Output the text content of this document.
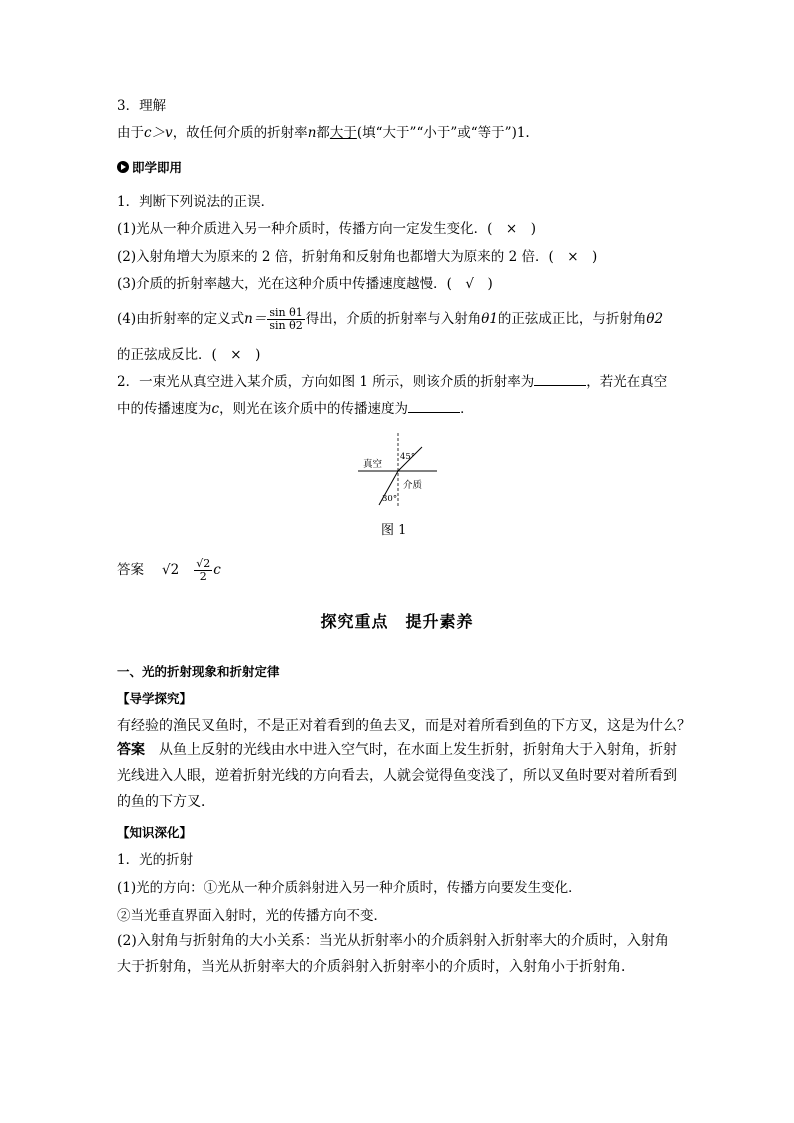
3．理解
由于c＞v，故任何介质的折射率n都大于(填“大于”“小于”或“等于”)1.
即学即用
1．判断下列说法的正误．
(1)光从一种介质进入另一种介质时，传播方向一定发生变化．(　×　)
(2)入射角增大为原来的 2 倍，折射角和反射角也都增大为原来的 2 倍．(　×　)
(3)介质的折射率越大，光在这种介质中传播速度越慢．(　√　)
(4)由折射率的定义式$n= \frac{\text{sin θ1}}{\text{sin θ2}}$ 得出，介质的折射率与入射角θ1的正弦成正比，与折射角θ2
的正弦成反比．(　×　)
2．一束光从真空进入某介质，方向如图 1 所示，则该介质的折射率为	，若光在真空
中的传播速度为c，则光在该介质中的传播速度为	．
真空
介质
45°
30°
图 1
答案 $√2 \frac{√2}{2}$ c

探究重点　提升素养

一、光的折射现象和折射定律
【导学探究】
有经验的渔民叉鱼时，不是正对着看到的鱼去叉，而是对着所看到鱼的下方叉，这是为什么？
答案　 从鱼上反射的光线由水中进入空气时，在水面上发生折射，折射角大于入射角，折射光线进入人眼，逆着折射光线的方向看去，人就会觉得鱼变浅了，所以叉鱼时要对着所看到的鱼的下方叉．
【知识深化】
1．光的折射
(1)光的方向：①光从一种介质斜射进入另一种介质时，传播方向要发生变化．
②当光垂直界面入射时，光的传播方向不变．
(2)入射角与折射角的大小关系：当光从折射率小的介质斜射入折射率大的介质时，入射角大于折射角，当光从折射率大的介质斜射入折射率小的介质时，入射角小于折射角．
